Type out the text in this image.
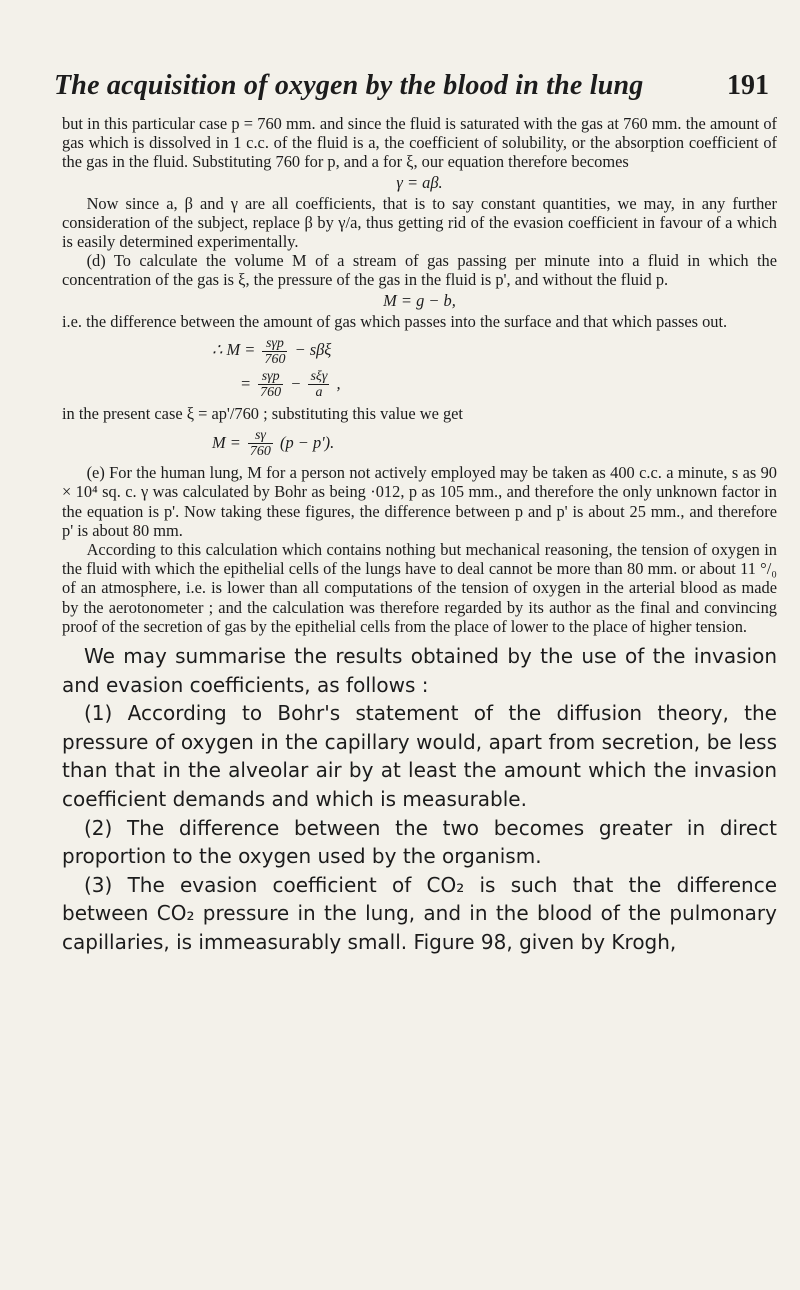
The acquisition of oxygen by the blood in the lung	191

but in this particular case p = 760 mm. and since the fluid is saturated with the gas at 760 mm. the amount of gas which is dissolved in 1 c.c. of the fluid is a, the coefficient of solubility, or the absorption coefficient of the gas in the fluid. Substituting 760 for p, and a for ξ, our equation therefore becomes

γ = aβ.

Now since a, β and γ are all coefficients, that is to say constant quantities, we may, in any further consideration of the subject, replace β by γ/a, thus getting rid of the evasion coefficient in favour of a which is easily determined experimentally.

(d) To calculate the volume M of a stream of gas passing per minute into a fluid in which the concentration of the gas is ξ, the pressure of the gas in the fluid is p', and without the fluid p.

M = g − b,

i.e. the difference between the amount of gas which passes into the surface and that which passes out.

∴ $M = \frac{\text{sγp}}{760} - s\beta\xi$
= $\frac{\text{sγp}}{760} - \frac{\text{sξγ}}{a}$ ,

in the present case ξ = ap'/760 ; substituting this value we get

$M = \frac{s\gamma}{760} (p - p')$.

(e) For the human lung, M for a person not actively employed may be taken as 400 c.c. a minute, s as 90 × 10⁴ sq. c. γ was calculated by Bohr as being ·012, p as 105 mm., and therefore the only unknown factor in the equation is p'. Now taking these figures, the difference between p and p' is about 25 mm., and therefore p' is about 80 mm.

According to this calculation which contains nothing but mechanical reasoning, the tension of oxygen in the fluid with which the epithelial cells of the lungs have to deal cannot be more than 80 mm. or about 11 °/₀ of an atmosphere, i.e. is lower than all computations of the tension of oxygen in the arterial blood as made by the aerotonometer ; and the calculation was therefore regarded by its author as the final and convincing proof of the secretion of gas by the epithelial cells from the place of lower to the place of higher tension.

We may summarise the results obtained by the use of the invasion and evasion coefficients, as follows :

(1) According to Bohr's statement of the diffusion theory, the pressure of oxygen in the capillary would, apart from secretion, be less than that in the alveolar air by at least the amount which the invasion coefficient demands and which is measurable.

(2) The difference between the two becomes greater in direct proportion to the oxygen used by the organism.

(3) The evasion coefficient of CO₂ is such that the difference between CO₂ pressure in the lung, and in the blood of the pulmonary capillaries, is immeasurably small. Figure 98, given by Krogh,
